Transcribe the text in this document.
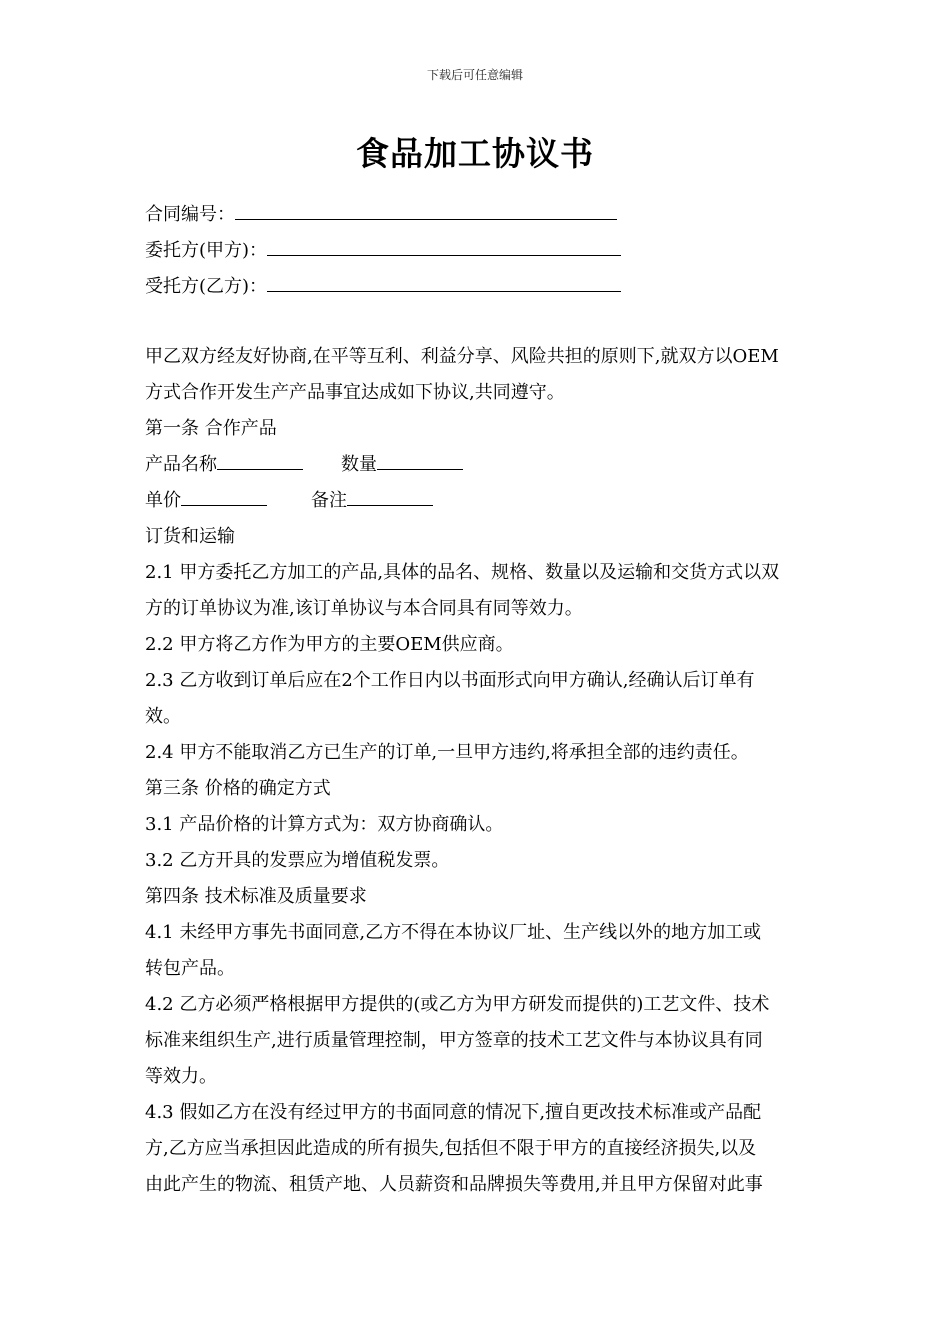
下载后可任意编辑
食品加工协议书
合同编号：
委托方(甲方)：
受托方(乙方)：
甲乙双方经友好协商,在平等互利、利益分享、风险共担的原则下,就双方以OEM
方式合作开发生产产品事宜达成如下协议,共同遵守。
第一条 合作产品
产品名称	数量
单价	备注
订货和运输
2.1 甲方委托乙方加工的产品,具体的品名、规格、数量以及运输和交货方式以双
方的订单协议为准,该订单协议与本合同具有同等效力。
2.2 甲方将乙方作为甲方的主要OEM供应商。
2.3 乙方收到订单后应在2个工作日内以书面形式向甲方确认,经确认后订单有
效。
2.4 甲方不能取消乙方已生产的订单,一旦甲方违约,将承担全部的违约责任。
第三条 价格的确定方式
3.1 产品价格的计算方式为：双方协商确认。
3.2 乙方开具的发票应为增值税发票。
第四条 技术标准及质量要求
4.1 未经甲方事先书面同意,乙方不得在本协议厂址、生产线以外的地方加工或
转包产品。
4.2 乙方必须严格根据甲方提供的(或乙方为甲方研发而提供的)工艺文件、技术
标准来组织生产,进行质量管理控制，甲方签章的技术工艺文件与本协议具有同
等效力。
4.3 假如乙方在没有经过甲方的书面同意的情况下,擅自更改技术标准或产品配
方,乙方应当承担因此造成的所有损失,包括但不限于甲方的直接经济损失,以及
由此产生的物流、租赁产地、人员薪资和品牌损失等费用,并且甲方保留对此事
